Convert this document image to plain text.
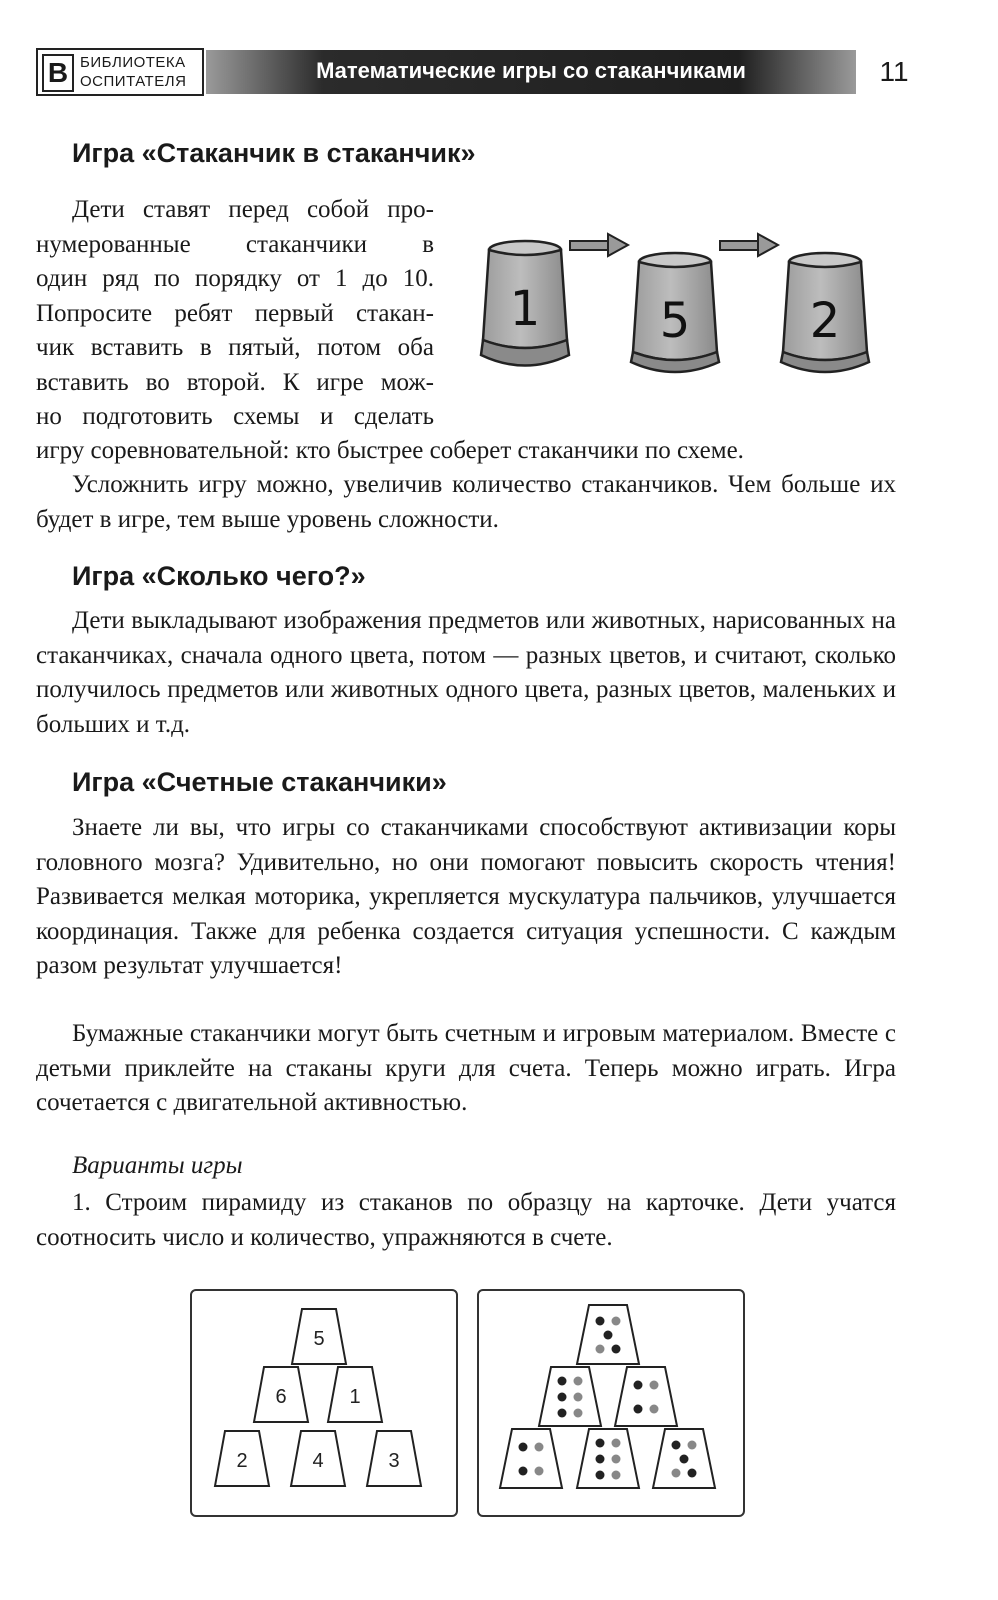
В БИБЛИОТЕКА
ОСПИТАТЕЛЯ	Математические игры со стаканчиками	11
Игра «Стаканчик в стаканчик»
Дети ставят перед собой про-
нумерованные стаканчики в
один ряд по порядку от 1 до 10.
Попросите ребят первый стакан-
чик вставить в пятый, потом оба
вставить во второй. К игре мож-
но подготовить схемы и сделать
игру соревновательной: кто быстрее соберет стаканчики по схеме.
1 5 2

Усложнить игру можно, увеличив количество стаканчиков. Чем больше их будет в игре, тем выше уровень сложности.

Игра «Сколько чего?»

Дети выкладывают изображения предметов или животных, нарисованных на стаканчиках, сначала одного цвета, потом — разных цветов, и считают, сколько получилось предметов или животных одного цвета, разных цветов, маленьких и больших и т.д.

Игра «Счетные стаканчики»

Знаете ли вы, что игры со стаканчиками способствуют активизации коры головного мозга? Удивительно, но они помогают повысить скорость чтения! Развивается мелкая моторика, укрепляется мускулатура пальчиков, улучшается координация. Также для ребенка создается ситуация успешности. С каждым разом результат улучшается!

Бумажные стаканчики могут быть счетным и игровым материалом. Вместе с детьми приклейте на стаканы круги для счета. Теперь можно играть. Игра сочетается с двигательной активностью.

Варианты игры

1. Строим пирамиду из стаканов по образцу на карточке. Дети учатся соотносить число и количество, упражняются в счете.

5
6	1
2	4	3
